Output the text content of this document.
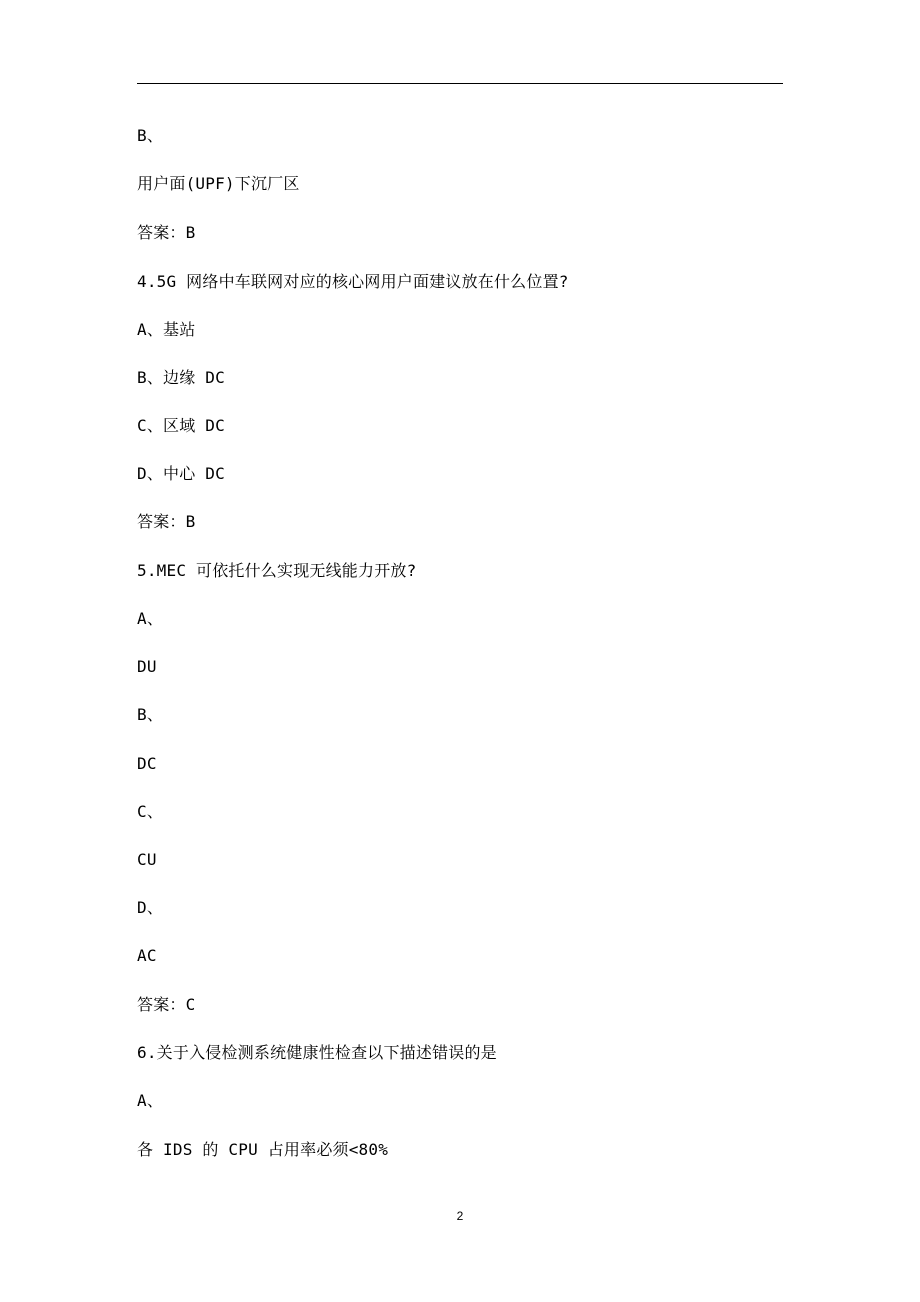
B、
用户面(UPF)下沉厂区
答案：B
4.5G 网络中车联网对应的核心网用户面建议放在什么位置?
A、基站
B、边缘 DC
C、区域 DC
D、中心 DC
答案：B
5.MEC 可依托什么实现无线能力开放?
A、
DU
B、
DC
C、
CU
D、
AC
答案：C
6.关于入侵检测系统健康性检查以下描述错误的是
A、
各 IDS 的 CPU 占用率必须<80%
2
